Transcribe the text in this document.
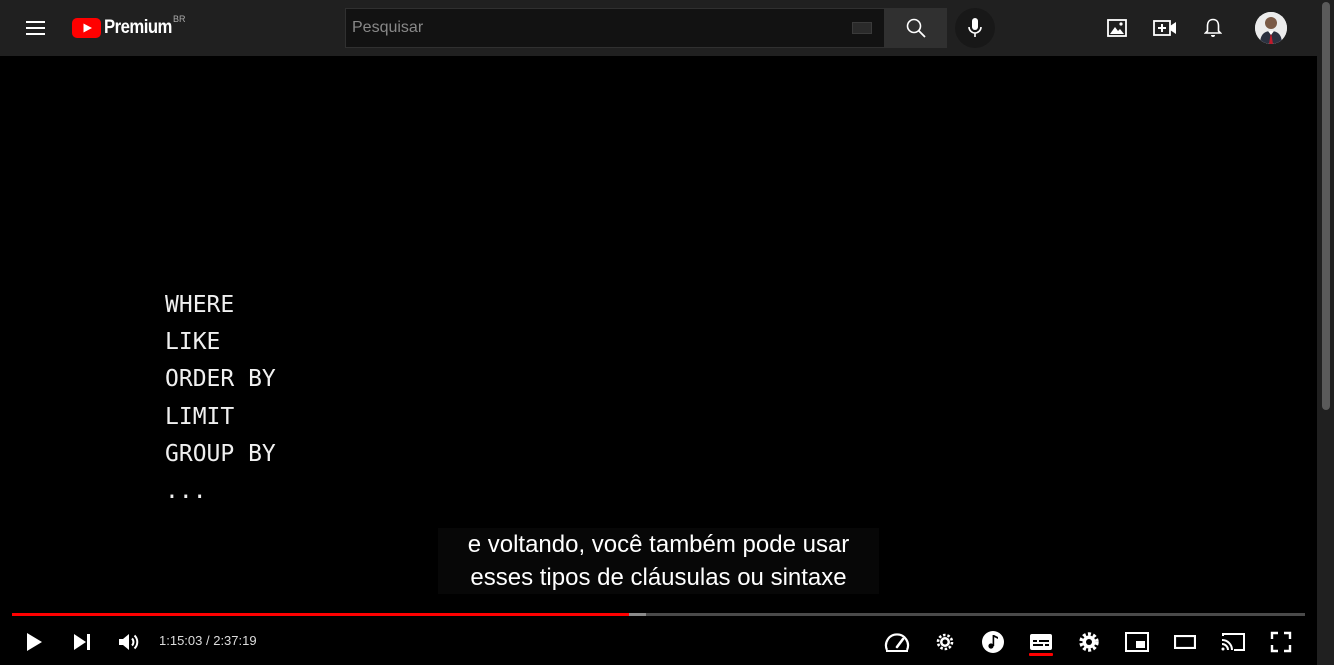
Premium BR
Pesquisar
WHERE
LIKE
ORDER BY
LIMIT
GROUP BY
...
e voltando, você também pode usar
esses tipos de cláusulas ou sintaxe
1:15:03 / 2:37:19
